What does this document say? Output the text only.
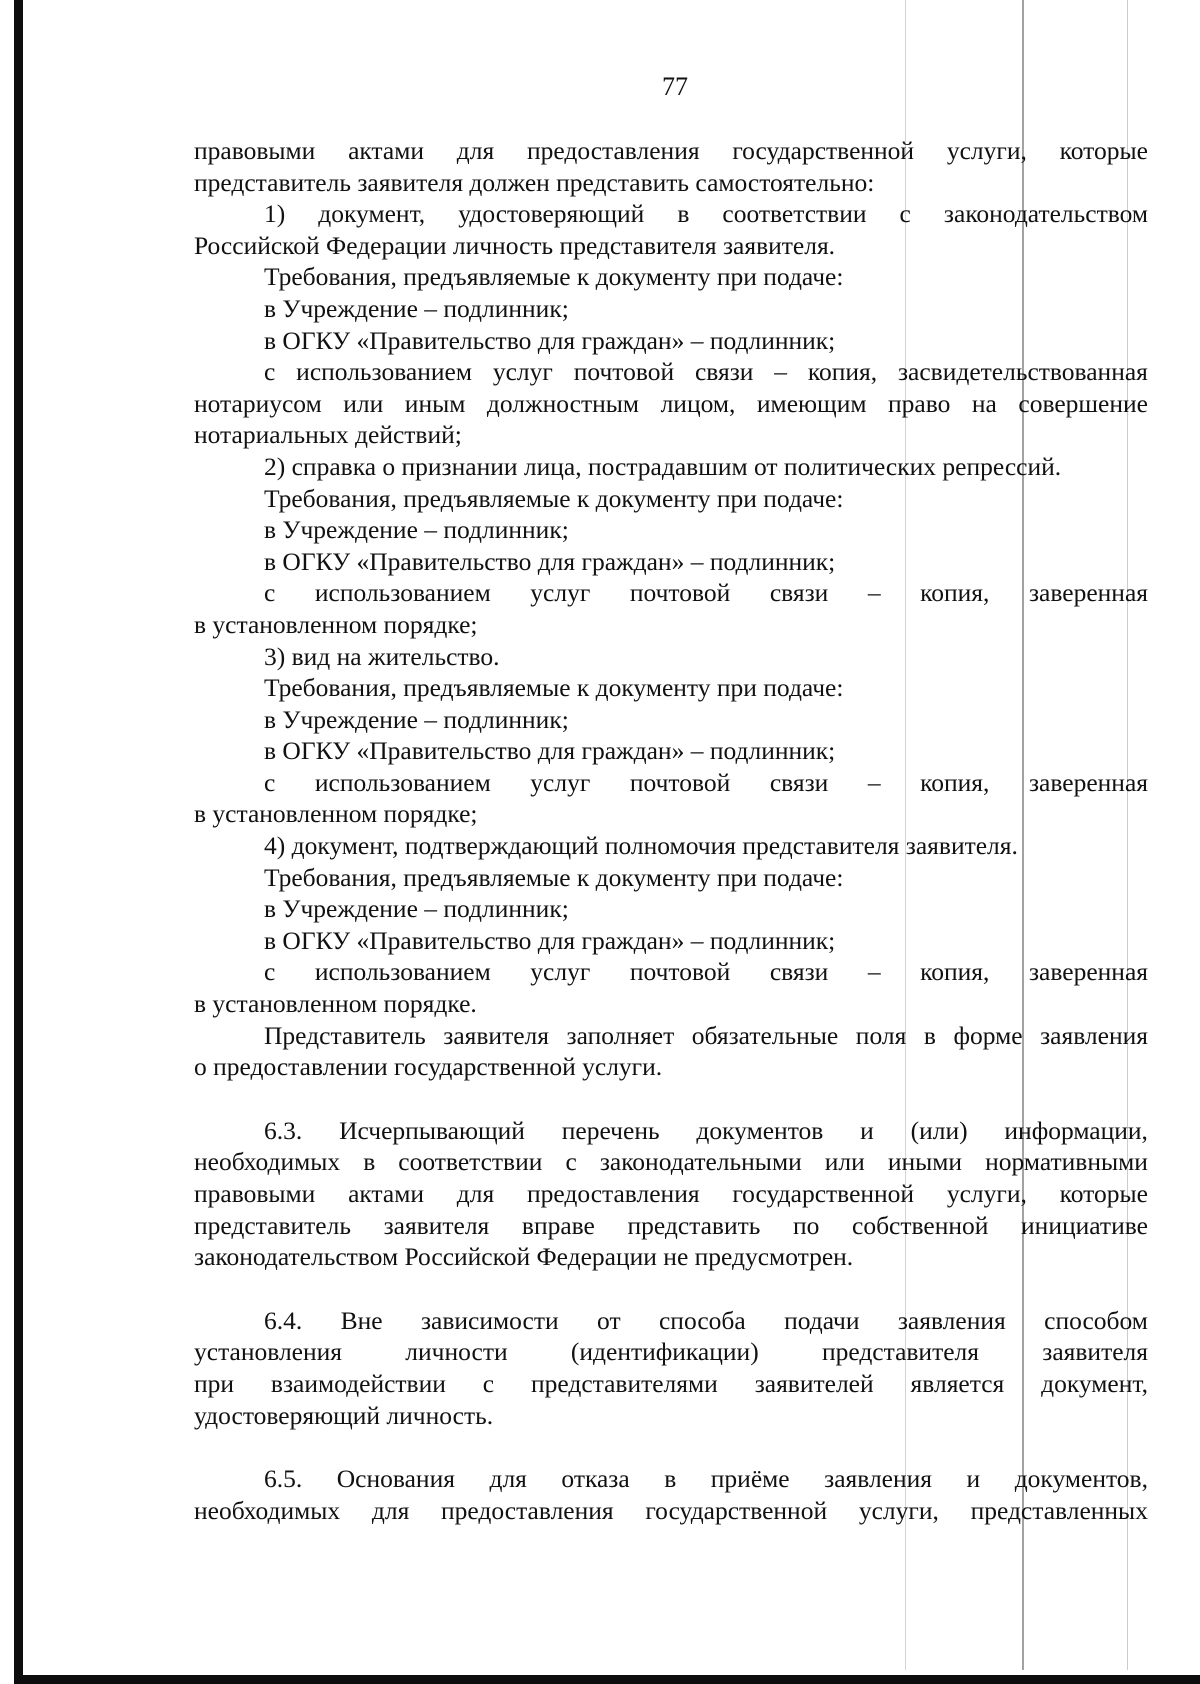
77
правовыми актами для предоставления государственной услуги, которые
представитель заявителя должен представить самостоятельно:
1) документ, удостоверяющий в соответствии с законодательством
Российской Федерации личность представителя заявителя.
Требования, предъявляемые к документу при подаче:
в Учреждение – подлинник;
в ОГКУ «Правительство для граждан» – подлинник;
с использованием услуг почтовой связи – копия, засвидетельствованная
нотариусом или иным должностным лицом, имеющим право на совершение
нотариальных действий;
2) справка о признании лица, пострадавшим от политических репрессий.
Требования, предъявляемые к документу при подаче:
в Учреждение – подлинник;
в ОГКУ «Правительство для граждан» – подлинник;
с использованием услуг почтовой связи – копия, заверенная
в установленном порядке;
3) вид на жительство.
Требования, предъявляемые к документу при подаче:
в Учреждение – подлинник;
в ОГКУ «Правительство для граждан» – подлинник;
с использованием услуг почтовой связи – копия, заверенная
в установленном порядке;
4) документ, подтверждающий полномочия представителя заявителя.
Требования, предъявляемые к документу при подаче:
в Учреждение – подлинник;
в ОГКУ «Правительство для граждан» – подлинник;
с использованием услуг почтовой связи – копия, заверенная
в установленном порядке.
Представитель заявителя заполняет обязательные поля в форме заявления
о предоставлении государственной услуги.
6.3. Исчерпывающий перечень документов и (или) информации,
необходимых в соответствии с законодательными или иными нормативными
правовыми актами для предоставления государственной услуги, которые
представитель заявителя вправе представить по собственной инициативе
законодательством Российской Федерации не предусмотрен.
6.4. Вне зависимости от способа подачи заявления способом
установления личности (идентификации) представителя заявителя
при взаимодействии с представителями заявителей является документ,
удостоверяющий личность.
6.5. Основания для отказа в приёме заявления и документов,
необходимых для предоставления государственной услуги, представленных
